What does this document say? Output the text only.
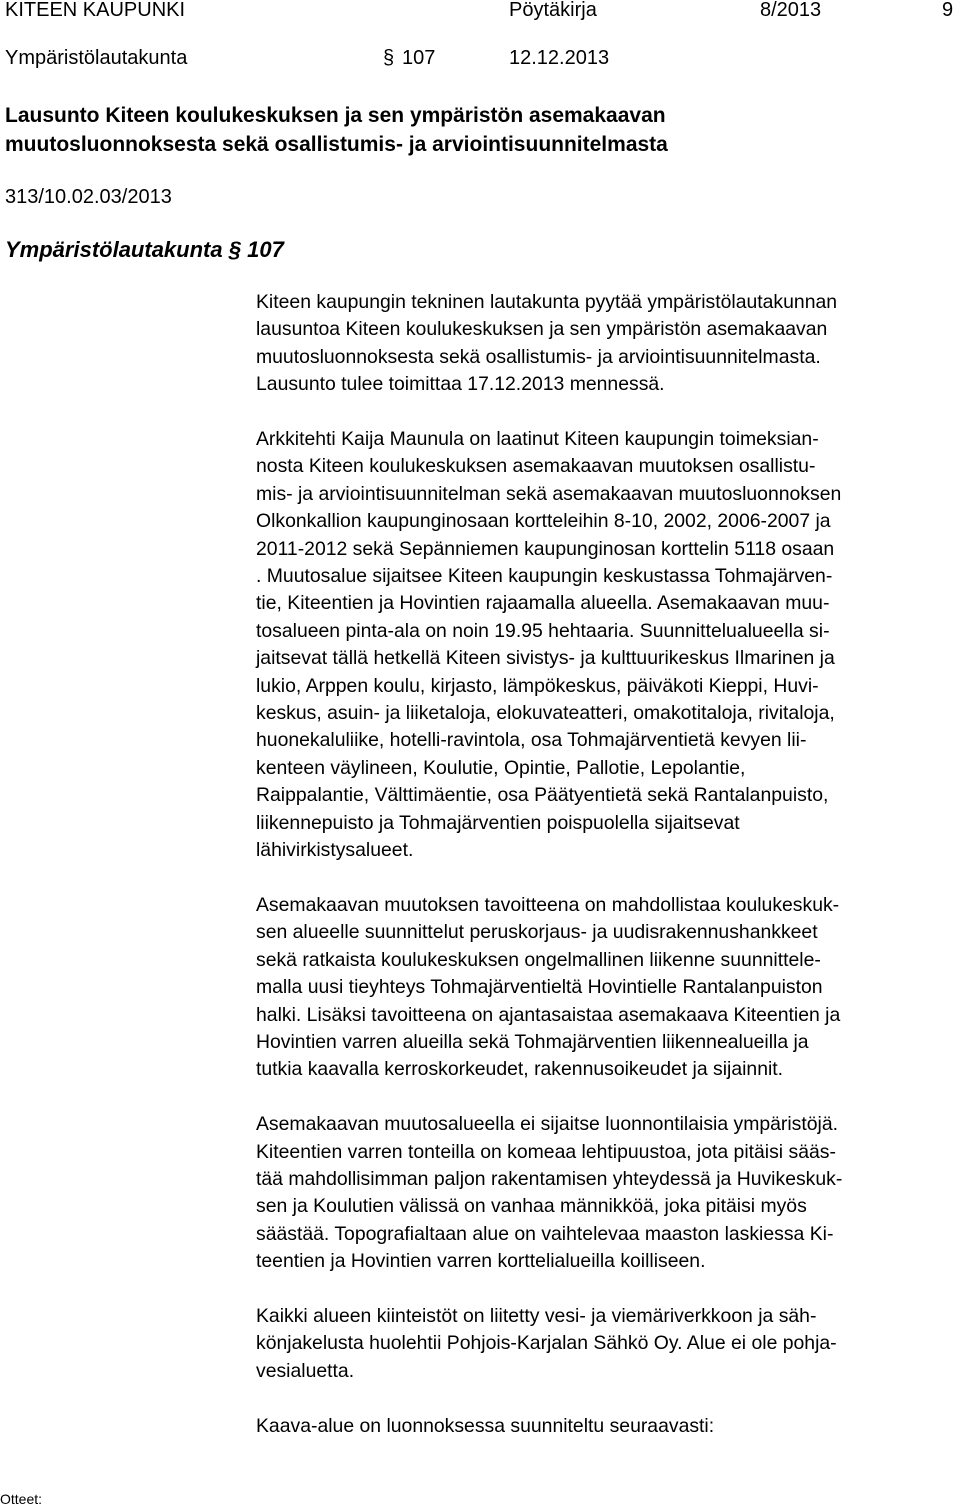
KITEEN KAUPUNKI	Pöytäkirja	8/2013	9
Ympäristölautakunta	§ 107	12.12.2013
Lausunto Kiteen koulukeskuksen ja sen ympäristön asemakaavan
muutosluonnoksesta sekä osallistumis- ja arviointisuunnitelmasta
313/10.02.03/2013
Ympäristölautakunta § 107
Kiteen kaupungin tekninen lautakunta pyytää ympäristölautakunnan
lausuntoa Kiteen koulukeskuksen ja sen ympäristön asemakaavan
muutosluonnoksesta sekä osallistumis- ja arviointisuunnitelmasta.
Lausunto tulee toimittaa 17.12.2013 mennessä.
Arkkitehti Kaija Maunula on laatinut Kiteen kaupungin toimeksian-
nosta Kiteen koulukeskuksen asemakaavan muutoksen osallistu-
mis- ja arviointisuunnitelman sekä asemakaavan muutosluonnoksen
Olkonkallion kaupunginosaan kortteleihin 8-10, 2002, 2006-2007 ja
2011-2012 sekä Sepänniemen kaupunginosan korttelin 5118 osaan
. Muutosalue sijaitsee Kiteen kaupungin keskustassa Tohmajärven-
tie, Kiteentien ja Hovintien rajaamalla alueella. Asemakaavan muu-
tosalueen pinta-ala on noin 19.95 hehtaaria. Suunnittelualueella si-
jaitsevat tällä hetkellä Kiteen sivistys- ja kulttuurikeskus Ilmarinen ja
lukio, Arppen koulu, kirjasto, lämpökeskus, päiväkoti Kieppi, Huvi-
keskus, asuin- ja liiketaloja, elokuvateatteri, omakotitaloja, rivitaloja,
huonekaluliike, hotelli-ravintola, osa Tohmajärventietä kevyen lii-
kenteen väylineen, Koulutie, Opintie, Pallotie, Lepolantie,
Raippalantie, Välttimäentie, osa Päätyentietä sekä Rantalanpuisto,
liikennepuisto ja Tohmajärventien poispuolella sijaitsevat
lähivirkistysalueet.
Asemakaavan muutoksen tavoitteena on mahdollistaa koulukeskuk-
sen alueelle suunnittelut peruskorjaus- ja uudisrakennushankkeet
sekä ratkaista koulukeskuksen ongelmallinen liikenne suunnittele-
malla uusi tieyhteys Tohmajärventieltä Hovintielle Rantalanpuiston
halki. Lisäksi tavoitteena on ajantasaistaa asemakaava Kiteentien ja
Hovintien varren alueilla sekä Tohmajärventien liikennealueilla ja
tutkia kaavalla kerroskorkeudet, rakennusoikeudet ja sijainnit.
Asemakaavan muutosalueella ei sijaitse luonnontilaisia ympäristöjä.
Kiteentien varren tonteilla on komeaa lehtipuustoa, jota pitäisi sääs-
tää mahdollisimman paljon rakentamisen yhteydessä ja Huvikeskuk-
sen ja Koulutien välissä on vanhaa männikköä, joka pitäisi myös
säästää. Topografialtaan alue on vaihtelevaa maaston laskiessa Ki-
teentien ja Hovintien varren korttelialueilla koilliseen.
Kaikki alueen kiinteistöt on liitetty vesi- ja viemäriverkkoon ja säh-
könjakelusta huolehtii Pohjois-Karjalan Sähkö Oy. Alue ei ole pohja-
vesialuetta.
Kaava-alue on luonnoksessa suunniteltu seuraavasti:
Otteet:
